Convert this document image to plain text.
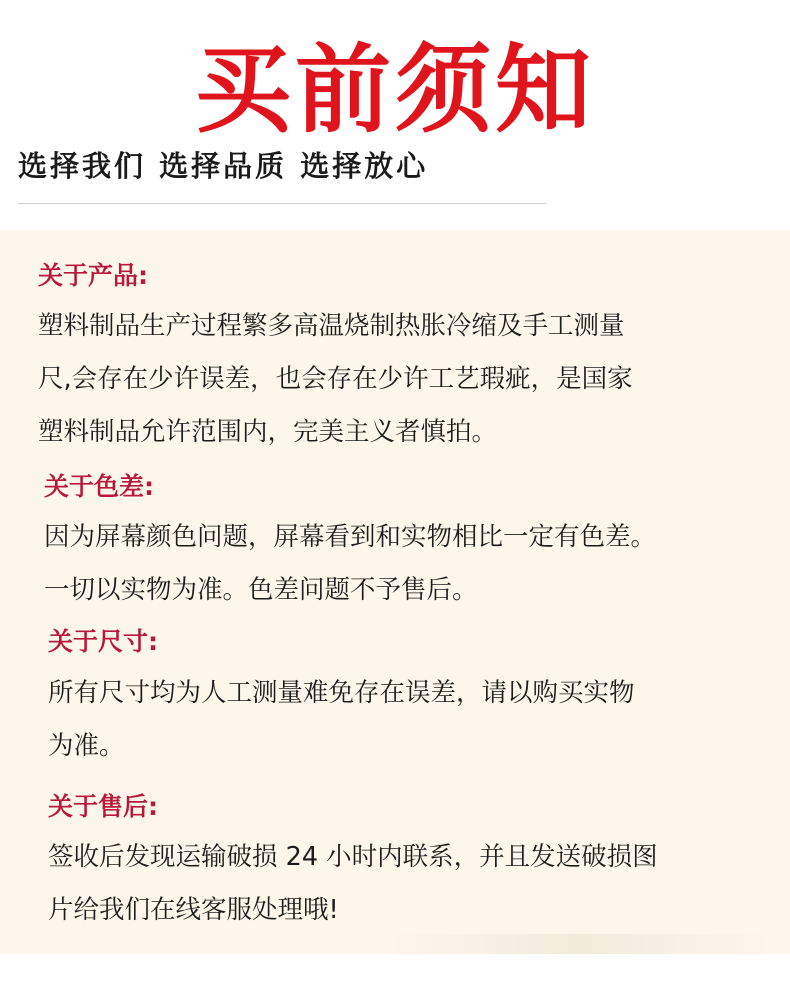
买前须知
选择我们 选择品质 选择放心
关于产品:
塑料制品生产过程繁多高温烧制热胀冷缩及手工测量
尺,会存在少许误差，也会存在少许工艺瑕疵，是国家
塑料制品允许范围内，完美主义者慎拍。
关于色差:
因为屏幕颜色问题，屏幕看到和实物相比一定有色差。
一切以实物为准。色差问题不予售后。
关于尺寸:
所有尺寸均为人工测量难免存在误差，请以购买实物
为准。
关于售后:
签收后发现运输破损 24 小时内联系，并且发送破损图
片给我们在线客服处理哦!
